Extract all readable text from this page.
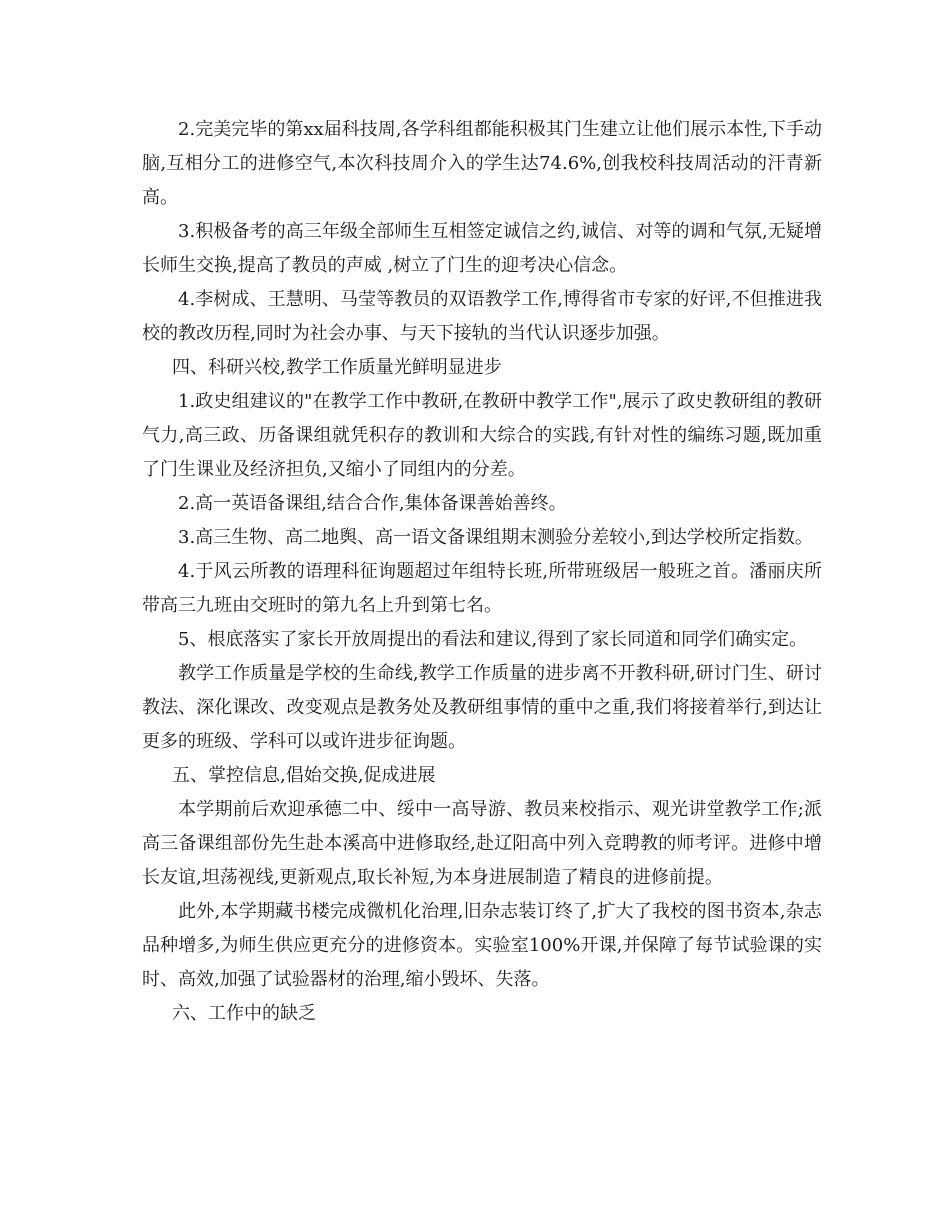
2.完美完毕的第xx届科技周,各学科组都能积极其门生建立让他们展示本性,下手动脑,互相分工的进修空气,本次科技周介入的学生达74.6%,创我校科技周活动的汗青新高。

3.积极备考的高三年级全部师生互相签定诚信之约,诚信、对等的调和气氛,无疑增长师生交换,提高了教员的声威 ,树立了门生的迎考决心信念。

4.李树成、王慧明、马莹等教员的双语教学工作,博得省市专家的好评,不但推进我校的教改历程,同时为社会办事、与天下接轨的当代认识逐步加强。

四、科研兴校,教学工作质量光鲜明显进步

1.政史组建议的"在教学工作中教研,在教研中教学工作",展示了政史教研组的教研气力,高三政、历备课组就凭积存的教训和大综合的实践,有针对性的编练习题,既加重了门生课业及经济担负,又缩小了同组内的分差。

2.高一英语备课组,结合合作,集体备课善始善终。

3.高三生物、高二地舆、高一语文备课组期末测验分差较小,到达学校所定指数。

4.于风云所教的语理科征询题超过年组特长班,所带班级居一般班之首。潘丽庆所带高三九班由交班时的第九名上升到第七名。

5、根底落实了家长开放周提出的看法和建议,得到了家长同道和同学们确实定。

教学工作质量是学校的生命线,教学工作质量的进步离不开教科研,研讨门生、研讨教法、深化课改、改变观点是教务处及教研组事情的重中之重,我们将接着举行,到达让更多的班级、学科可以或许进步征询题。

五、掌控信息,倡始交换,促成进展

本学期前后欢迎承德二中、绥中一高导游、教员来校指示、观光讲堂教学工作;派高三备课组部份先生赴本溪高中进修取经,赴辽阳高中列入竞聘教的师考评。进修中增长友谊,坦荡视线,更新观点,取长补短,为本身进展制造了精良的进修前提。

此外,本学期藏书楼完成微机化治理,旧杂志装订终了,扩大了我校的图书资本,杂志品种增多,为师生供应更充分的进修资本。实验室100%开课,并保障了每节试验课的实时、高效,加强了试验器材的治理,缩小毁坏、失落。

六、工作中的缺乏
